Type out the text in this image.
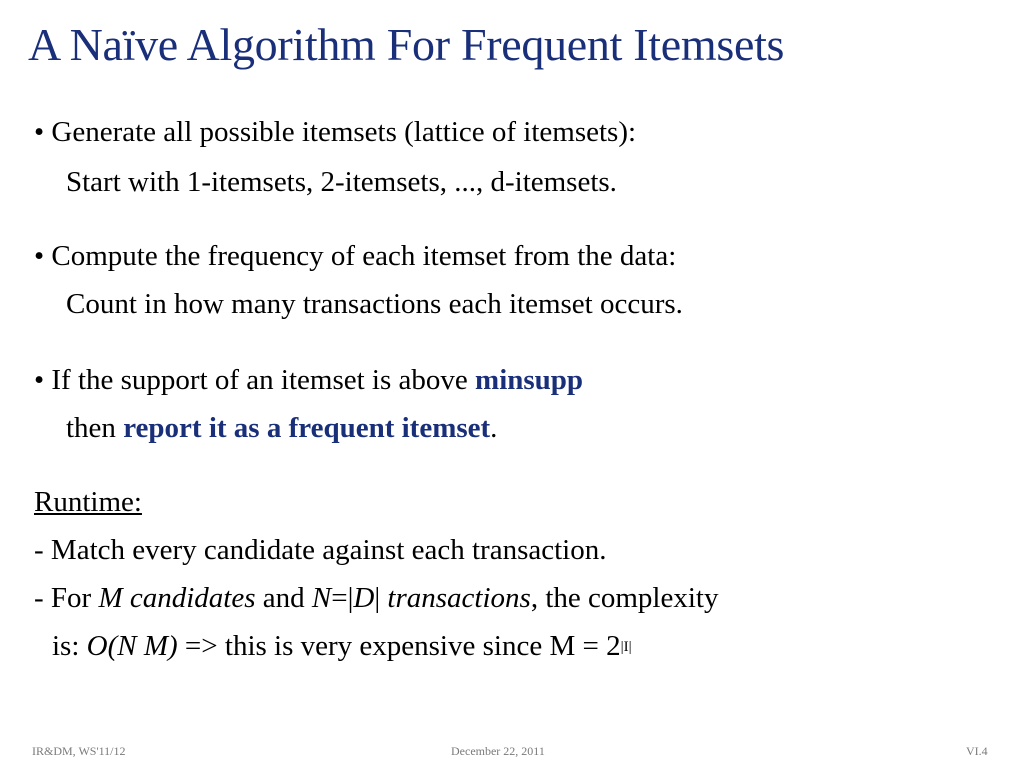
A Naïve Algorithm For Frequent Itemsets
• Generate all possible itemsets (lattice of itemsets):
Start with 1-itemsets, 2-itemsets, ..., d-itemsets.
• Compute the frequency of each itemset from the data:
Count in how many transactions each itemset occurs.
• If the support of an itemset is above minsupp
then report it as a frequent itemset.
Runtime:
- Match every candidate against each transaction.
- For M candidates and N=|D| transactions, the complexity
is: O(N M) => this is very expensive since $M = 2^{|I|}$
IR&DM, WS'11/12	December 22, 2011	VI.4
